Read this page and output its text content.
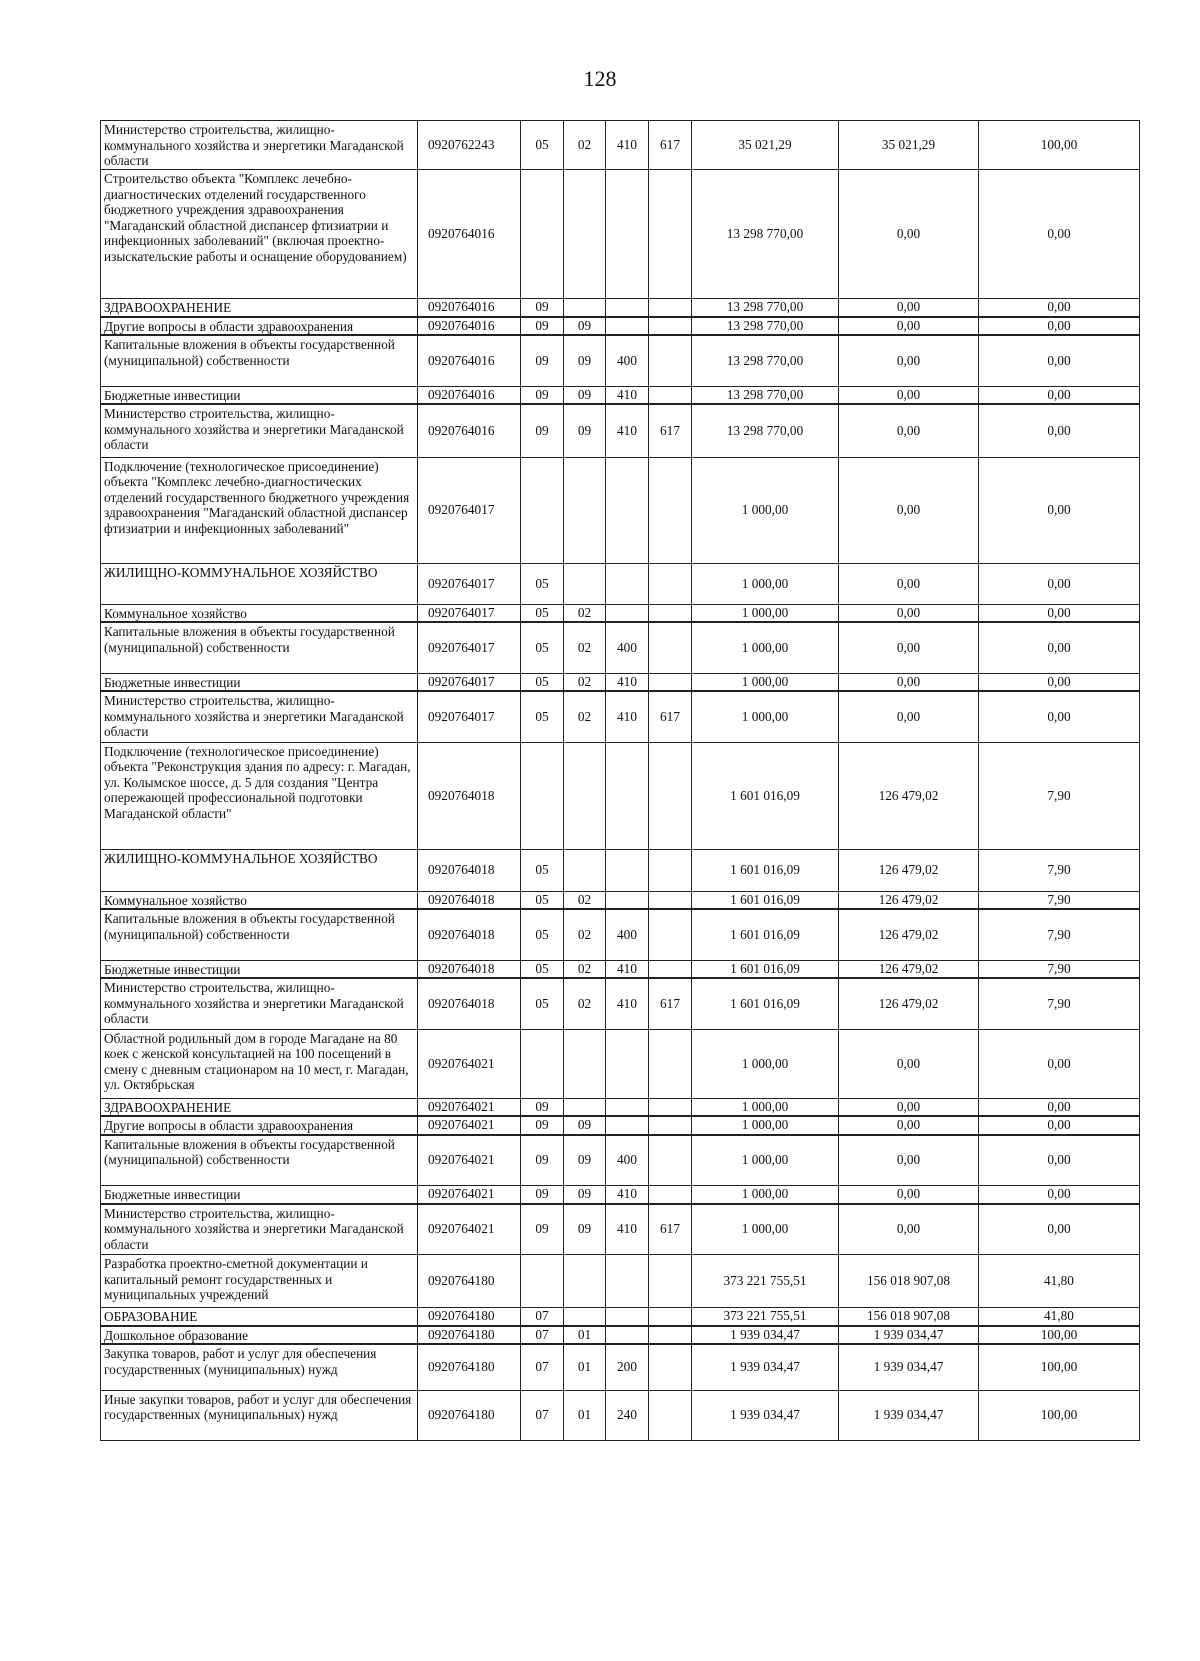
128
Министерство строительства, жилищно-коммунального хозяйства и энергетики Магаданской области	0920762243	05	02	410	617	35 021,29	35 021,29	100,00
Строительство объекта "Комплекс лечебно-диагностических отделений государственного бюджетного учреждения здравоохранения "Магаданский областной диспансер фтизиатрии и инфекционных заболеваний" (включая проектно-изыскательские работы и оснащение оборудованием)	0920764016					13 298 770,00	0,00	0,00
ЗДРАВООХРАНЕНИЕ	0920764016	09				13 298 770,00	0,00	0,00
Другие вопросы в области здравоохранения	0920764016	09	09			13 298 770,00	0,00	0,00
Капитальные вложения в объекты государственной (муниципальной) собственности	0920764016	09	09	400		13 298 770,00	0,00	0,00
Бюджетные инвестиции	0920764016	09	09	410		13 298 770,00	0,00	0,00
Министерство строительства, жилищно-коммунального хозяйства и энергетики Магаданской области	0920764016	09	09	410	617	13 298 770,00	0,00	0,00
Подключение (технологическое присоединение) объекта "Комплекс лечебно-диагностических отделений государственного бюджетного учреждения здравоохранения "Магаданский областной диспансер фтизиатрии и инфекционных заболеваний"	0920764017					1 000,00	0,00	0,00
ЖИЛИЩНО-КОММУНАЛЬНОЕ ХОЗЯЙСТВО	0920764017	05				1 000,00	0,00	0,00
Коммунальное хозяйство	0920764017	05	02			1 000,00	0,00	0,00
Капитальные вложения в объекты государственной (муниципальной) собственности	0920764017	05	02	400		1 000,00	0,00	0,00
Бюджетные инвестиции	0920764017	05	02	410		1 000,00	0,00	0,00
Министерство строительства, жилищно-коммунального хозяйства и энергетики Магаданской области	0920764017	05	02	410	617	1 000,00	0,00	0,00
Подключение (технологическое присоединение) объекта "Реконструкция здания по адресу: г. Магадан, ул. Колымское шоссе, д. 5 для создания "Центра опережающей профессиональной подготовки Магаданской области"	0920764018					1 601 016,09	126 479,02	7,90
ЖИЛИЩНО-КОММУНАЛЬНОЕ ХОЗЯЙСТВО	0920764018	05				1 601 016,09	126 479,02	7,90
Коммунальное хозяйство	0920764018	05	02			1 601 016,09	126 479,02	7,90
Капитальные вложения в объекты государственной (муниципальной) собственности	0920764018	05	02	400		1 601 016,09	126 479,02	7,90
Бюджетные инвестиции	0920764018	05	02	410		1 601 016,09	126 479,02	7,90
Министерство строительства, жилищно-коммунального хозяйства и энергетики Магаданской области	0920764018	05	02	410	617	1 601 016,09	126 479,02	7,90
Областной родильный дом в городе Магадане на 80 коек с женской консультацией на 100 посещений в смену с дневным стационаром на 10 мест, г. Магадан, ул. Октябрьская	0920764021					1 000,00	0,00	0,00
ЗДРАВООХРАНЕНИЕ	0920764021	09				1 000,00	0,00	0,00
Другие вопросы в области здравоохранения	0920764021	09	09			1 000,00	0,00	0,00
Капитальные вложения в объекты государственной (муниципальной) собственности	0920764021	09	09	400		1 000,00	0,00	0,00
Бюджетные инвестиции	0920764021	09	09	410		1 000,00	0,00	0,00
Министерство строительства, жилищно-коммунального хозяйства и энергетики Магаданской области	0920764021	09	09	410	617	1 000,00	0,00	0,00
Разработка проектно-сметной документации и капитальный ремонт государственных и муниципальных учреждений	0920764180					373 221 755,51	156 018 907,08	41,80
ОБРАЗОВАНИЕ	0920764180	07				373 221 755,51	156 018 907,08	41,80
Дошкольное образование	0920764180	07	01			1 939 034,47	1 939 034,47	100,00
Закупка товаров, работ и услуг для обеспечения государственных (муниципальных) нужд	0920764180	07	01	200		1 939 034,47	1 939 034,47	100,00
Иные закупки товаров, работ и услуг для обеспечения государственных (муниципальных) нужд	0920764180	07	01	240		1 939 034,47	1 939 034,47	100,00
